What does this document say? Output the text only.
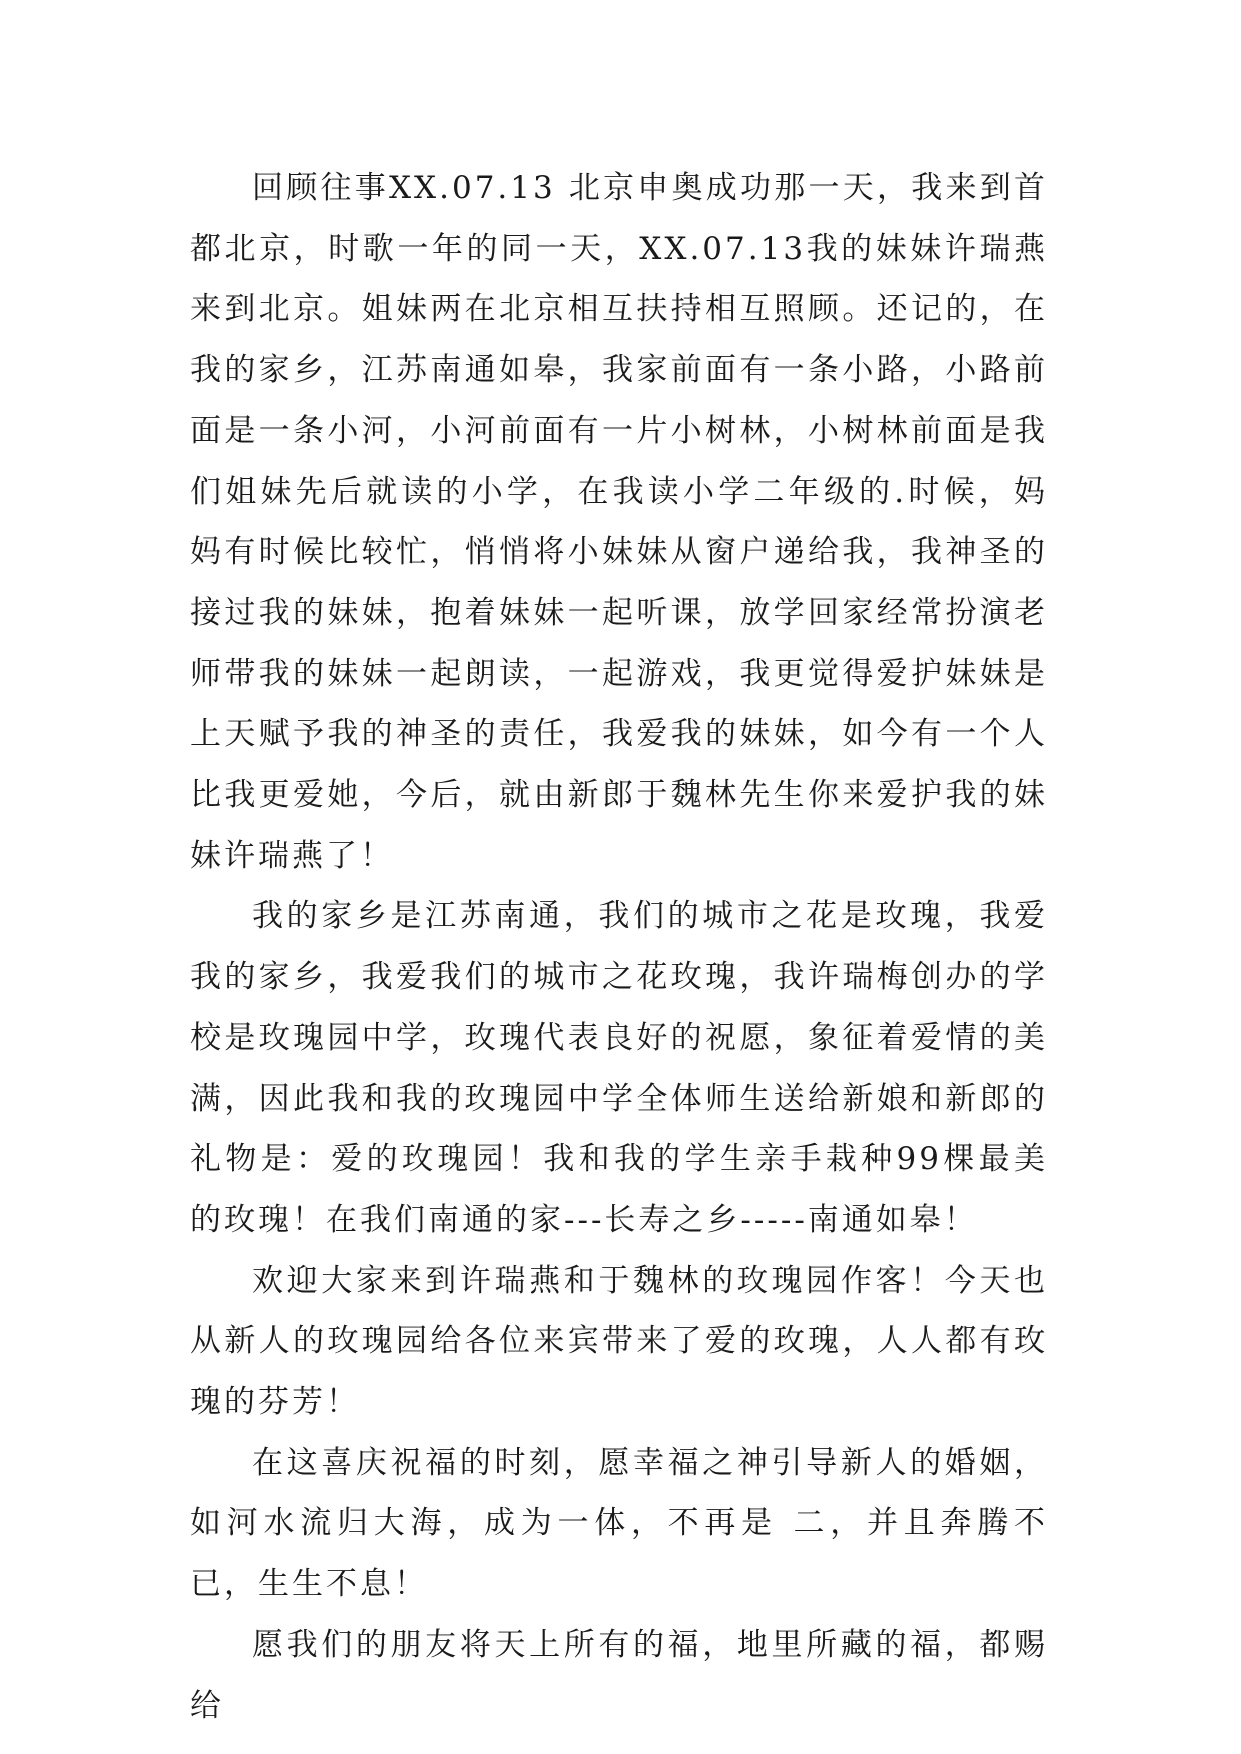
回顾往事XX.07.13 北京申奥成功那一天，我来到首都北京，时歌一年的同一天，XX.07.13我的妹妹许瑞燕来到北京。姐妹两在北京相互扶持相互照顾。还记的，在我的家乡，江苏南通如皋，我家前面有一条小路，小路前面是一条小河，小河前面有一片小树林，小树林前面是我们姐妹先后就读的小学，在我读小学二年级的.时候，妈妈有时候比较忙，悄悄将小妹妹从窗户递给我，我神圣的接过我的妹妹，抱着妹妹一起听课，放学回家经常扮演老师带我的妹妹一起朗读，一起游戏，我更觉得爱护妹妹是上天赋予我的神圣的责任，我爱我的妹妹，如今有一个人比我更爱她，今后，就由新郎于魏林先生你来爱护我的妹妹许瑞燕了！

我的家乡是江苏南通，我们的城市之花是玫瑰，我爱我的家乡，我爱我们的城市之花玫瑰，我许瑞梅创办的学校是玫瑰园中学，玫瑰代表良好的祝愿，象征着爱情的美满，因此我和我的玫瑰园中学全体师生送给新娘和新郎的礼物是：爱的玫瑰园！我和我的学生亲手栽种99棵最美的玫瑰！在我们南通的家---长寿之乡-----南通如皋！

欢迎大家来到许瑞燕和于魏林的玫瑰园作客！今天也从新人的玫瑰园给各位来宾带来了爱的玫瑰，人人都有玫瑰的芬芳！

在这喜庆祝福的时刻，愿幸福之神引导新人的婚姻，如河水流归大海，成为一体，不再是 二，并且奔腾不已，生生不息！

愿我们的朋友将天上所有的福，地里所藏的福，都赐给
